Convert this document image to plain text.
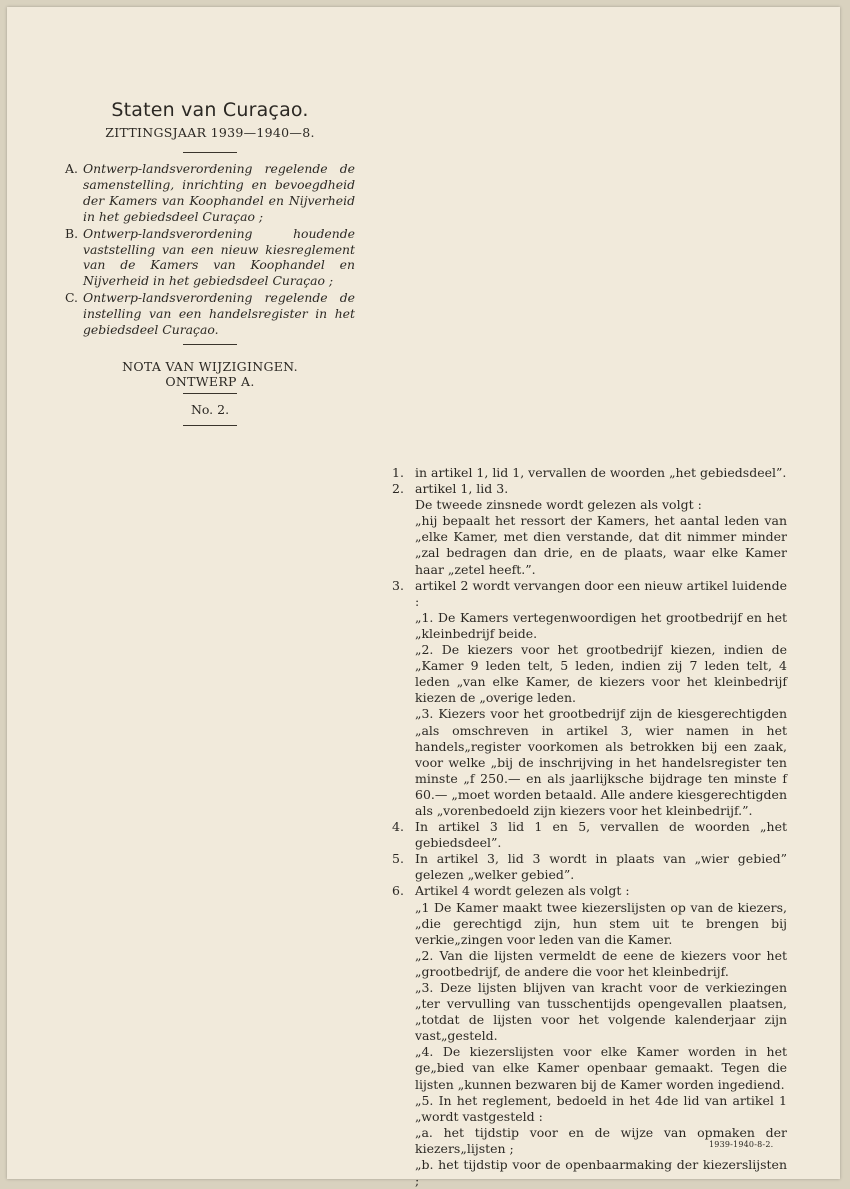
Staten van Curaçao.
ZITTINGSJAAR 1939—1940—8.
A. Ontwerp-landsverordening regelende de samenstelling, inrichting en bevoegdheid der Kamers van Koophandel en Nijverheid in het gebiedsdeel Curaçao ;
B. Ontwerp-landsverordening houdende vaststelling van een nieuw kiesreglement van de Kamers van Koophandel en Nijverheid in het gebiedsdeel Curaçao ;
C. Ontwerp-landsverordening regelende de instelling van een handelsregister in het gebiedsdeel Curaçao.
NOTA VAN WIJZIGINGEN.
ONTWERP A.
No. 2.
1. in artikel 1, lid 1, vervallen de woorden „het gebiedsdeel”.

2. artikel 1, lid 3.

De tweede zinsnede wordt gelezen als volgt :

„hij bepaalt het ressort der Kamers, het aantal leden van „elke Kamer, met dien verstande, dat dit nimmer minder „zal bedragen dan drie, en de plaats, waar elke Kamer haar „zetel heeft.”.

3. artikel 2 wordt vervangen door een nieuw artikel luidende :

„1. De Kamers vertegenwoordigen het grootbedrijf en het „kleinbedrijf beide.

„2. De kiezers voor het grootbedrijf kiezen, indien de „Kamer 9 leden telt, 5 leden, indien zij 7 leden telt, 4 leden „van elke Kamer, de kiezers voor het kleinbedrijf kiezen de „overige leden.

„3. Kiezers voor het grootbedrijf zijn de kiesgerechtigden „als omschreven in artikel 3, wier namen in het handels„register voorkomen als betrokken bij een zaak, voor welke „bij de inschrijving in het handelsregister ten minste „f 250.— en als jaarlijksche bijdrage ten minste f 60.— „moet worden betaald. Alle andere kiesgerechtigden als „vorenbedoeld zijn kiezers voor het kleinbedrijf.”.

4. In artikel 3 lid 1 en 5, vervallen de woorden „het gebiedsdeel”.

5. In artikel 3, lid 3 wordt in plaats van „wier gebied” gelezen „welker gebied”.

6. Artikel 4 wordt gelezen als volgt :

„1 De Kamer maakt twee kiezerslijsten op van de kiezers, „die gerechtigd zijn, hun stem uit te brengen bij verkie„zingen voor leden van die Kamer.

„2. Van die lijsten vermeldt de eene de kiezers voor het „grootbedrijf, de andere die voor het kleinbedrijf.

„3. Deze lijsten blijven van kracht voor de verkiezingen „ter vervulling van tusschentijds opengevallen plaatsen, „totdat de lijsten voor het volgende kalenderjaar zijn vast„gesteld.

„4. De kiezerslijsten voor elke Kamer worden in het ge„bied van elke Kamer openbaar gemaakt. Tegen die lijsten „kunnen bezwaren bij de Kamer worden ingediend.

„5. In het reglement, bedoeld in het 4de lid van artikel 1 „wordt vastgesteld :

„a. het tijdstip voor en de wijze van opmaken der kiezers„lijsten ;

„b. het tijdstip voor de openbaarmaking der kiezerslijsten ;

1939-1940-8-2.
